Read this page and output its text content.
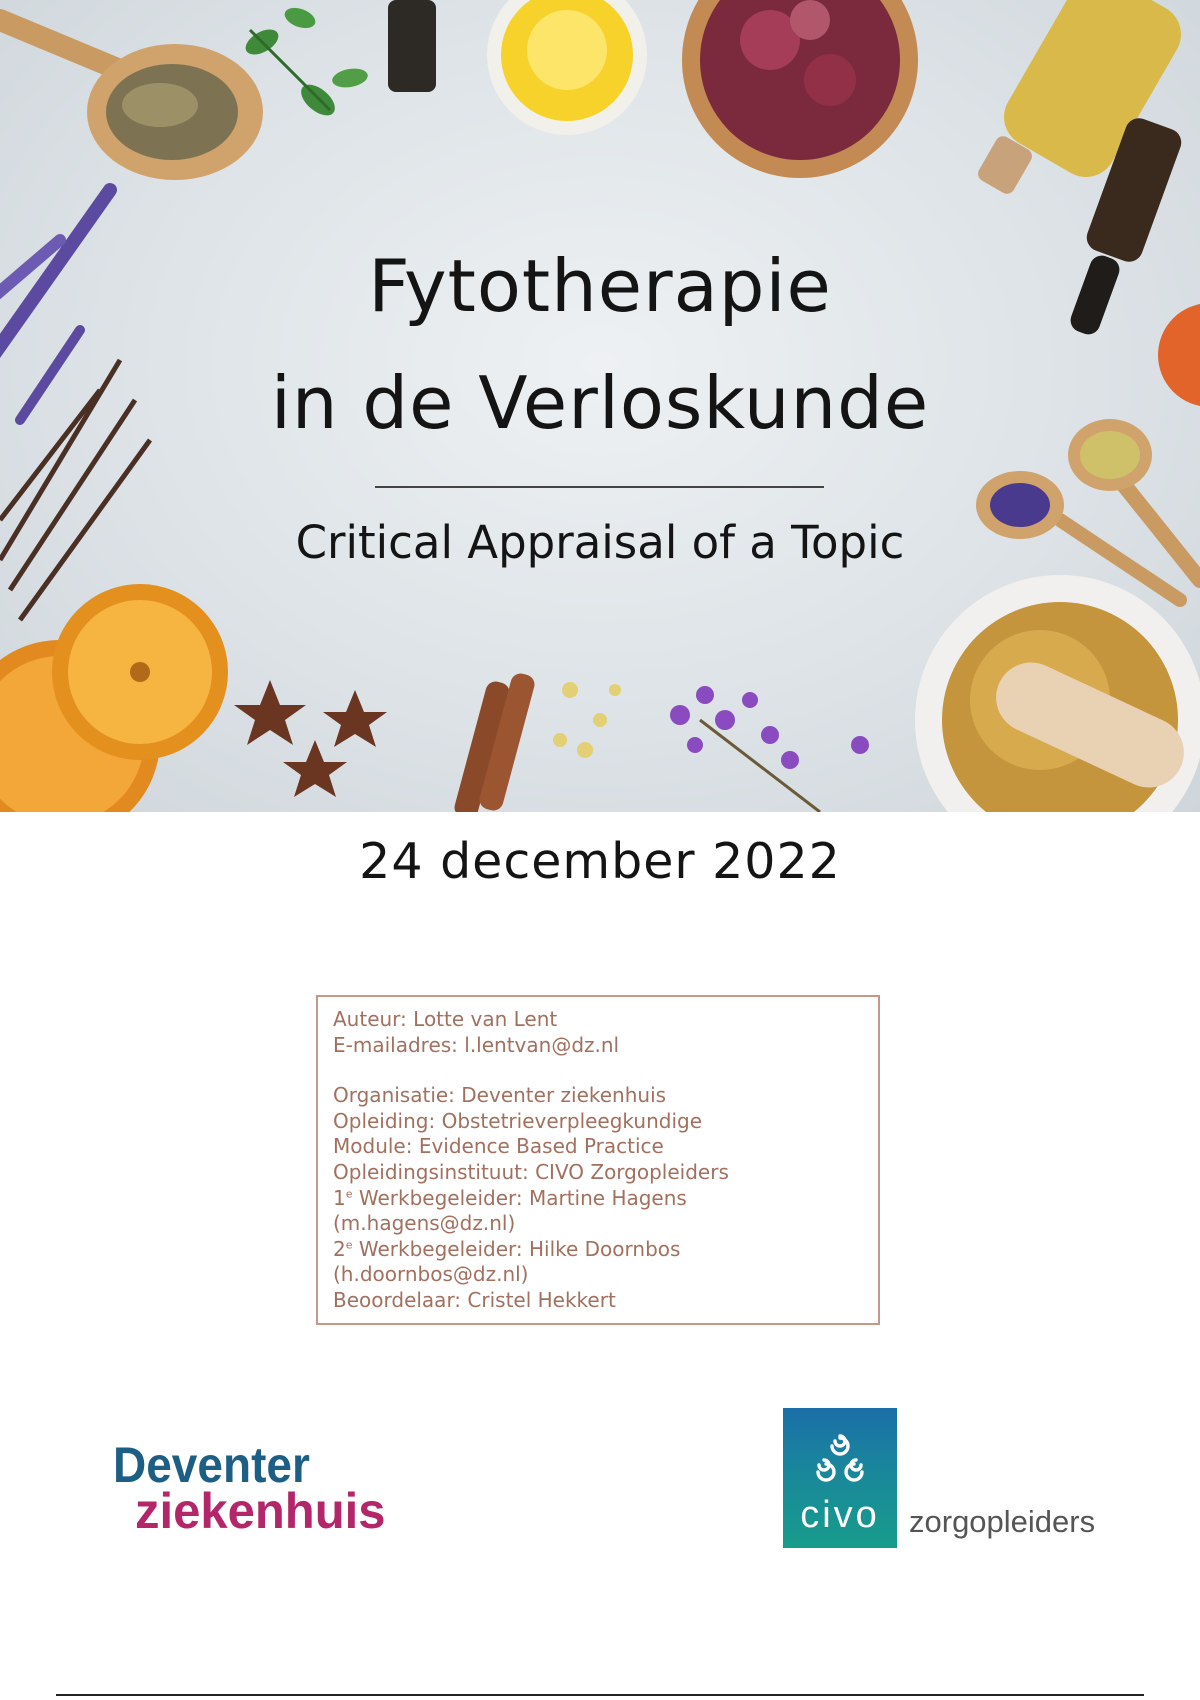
Fytotherapie
in de Verloskunde
Critical Appraisal of a Topic
24 december 2022
Auteur: Lotte van Lent
E-mailadres: l.lentvan@dz.nl
Organisatie: Deventer ziekenhuis
Opleiding: Obstetrieverpleegkundige
Module: Evidence Based Practice
Opleidingsinstituut: CIVO Zorgopleiders
1e Werkbegeleider: Martine Hagens
(m.hagens@dz.nl)
2e Werkbegeleider: Hilke Doornbos
(h.doornbos@dz.nl)
Beoordelaar: Cristel Hekkert
Deventer
ziekenhuis	civo zorgopleiders
